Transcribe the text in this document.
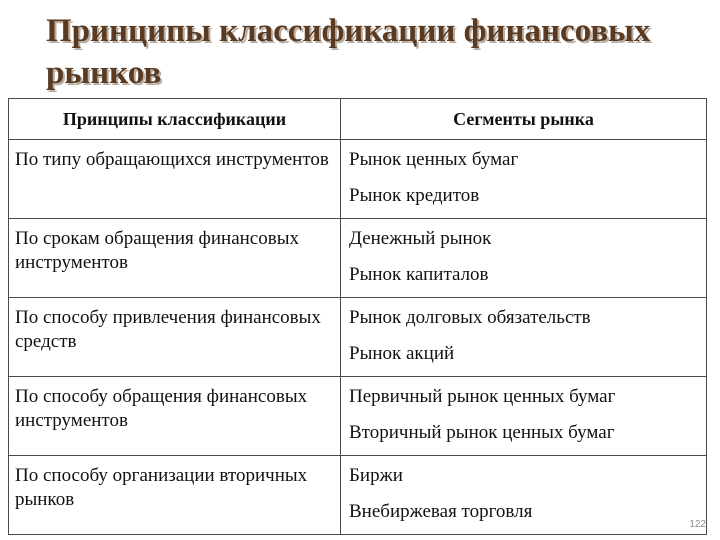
Принципы классификации финансовых рынков
Принципы классификации	Сегменты рынка
По типу обращающихся инструментов	Рынок ценных бумаг
Рынок кредитов

По срокам обращения финансовых инструментов	Денежный рынок
Рынок капиталов

По способу привлечения финансовых средств	Рынок долговых обязательств
Рынок акций

По способу обращения финансовых инструментов	Первичный рынок ценных бумаг
Вторичный рынок ценных бумаг

По способу организации вторичных рынков	Биржи
Внебиржевая торговля
122
